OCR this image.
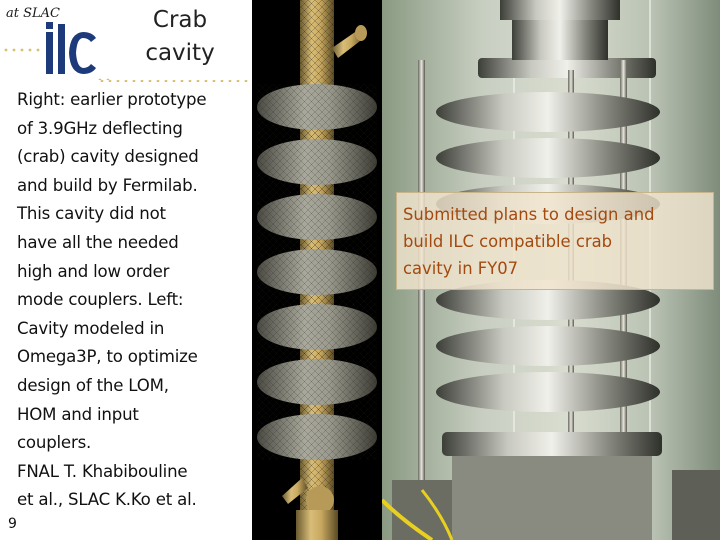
at SLAC	Crab
cavity
Right: earlier prototype
of 3.9GHz deflecting
(crab) cavity designed
and build by Fermilab.
This cavity did not
have all the needed
high and low order
mode couplers. Left:
Cavity modeled in
Omega3P, to optimize
design of the LOM,
HOM and input
couplers.
FNAL T. Khabibouline
et al., SLAC K.Ko et al.
9
Submitted plans to design and
build ILC compatible crab
cavity in FY07
